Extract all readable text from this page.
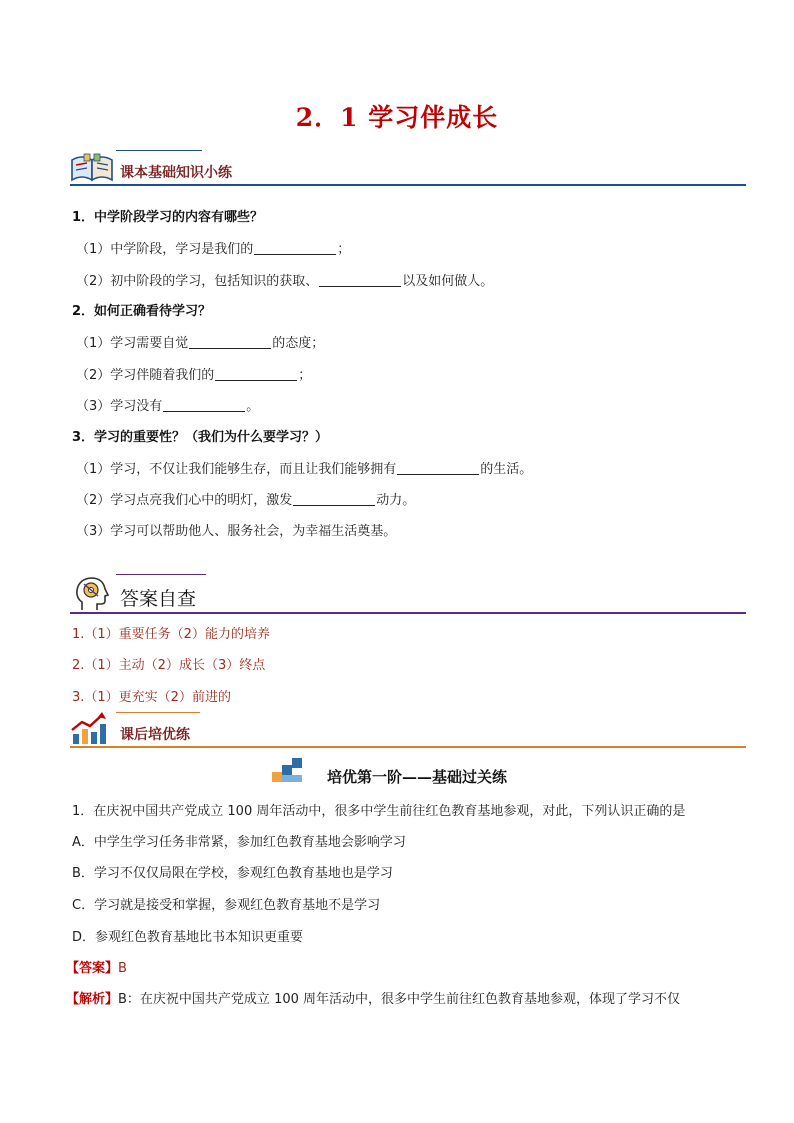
2．1 学习伴成长
课本基础知识小练
1．中学阶段学习的内容有哪些？
（1）中学阶段，学习是我们的	；
（2）初中阶段的学习，包括知识的获取、	以及如何做人。
2．如何正确看待学习？
（1）学习需要自觉	的态度；
（2）学习伴随着我们的	；
（3）学习没有	。
3．学习的重要性？（我们为什么要学习？）
（1）学习，不仅让我们能够生存，而且让我们能够拥有	的生活。
（2）学习点亮我们心中的明灯，激发	动力。
（3）学习可以帮助他人、服务社会，为幸福生活奠基。
答案自查
1.（1）重要任务（2）能力的培养
2.（1）主动（2）成长（3）终点
3.（1）更充实（2）前进的
课后培优练
培优第一阶——基础过关练
1．在庆祝中国共产党成立 100 周年活动中，很多中学生前往红色教育基地参观，对此，下列认识正确的是
A．中学生学习任务非常紧，参加红色教育基地会影响学习
B．学习不仅仅局限在学校，参观红色教育基地也是学习
C．学习就是接受和掌握，参观红色教育基地不是学习
D．参观红色教育基地比书本知识更重要
【答案】B
【解析】B：在庆祝中国共产党成立 100 周年活动中，很多中学生前往红色教育基地参观，体现了学习不仅
